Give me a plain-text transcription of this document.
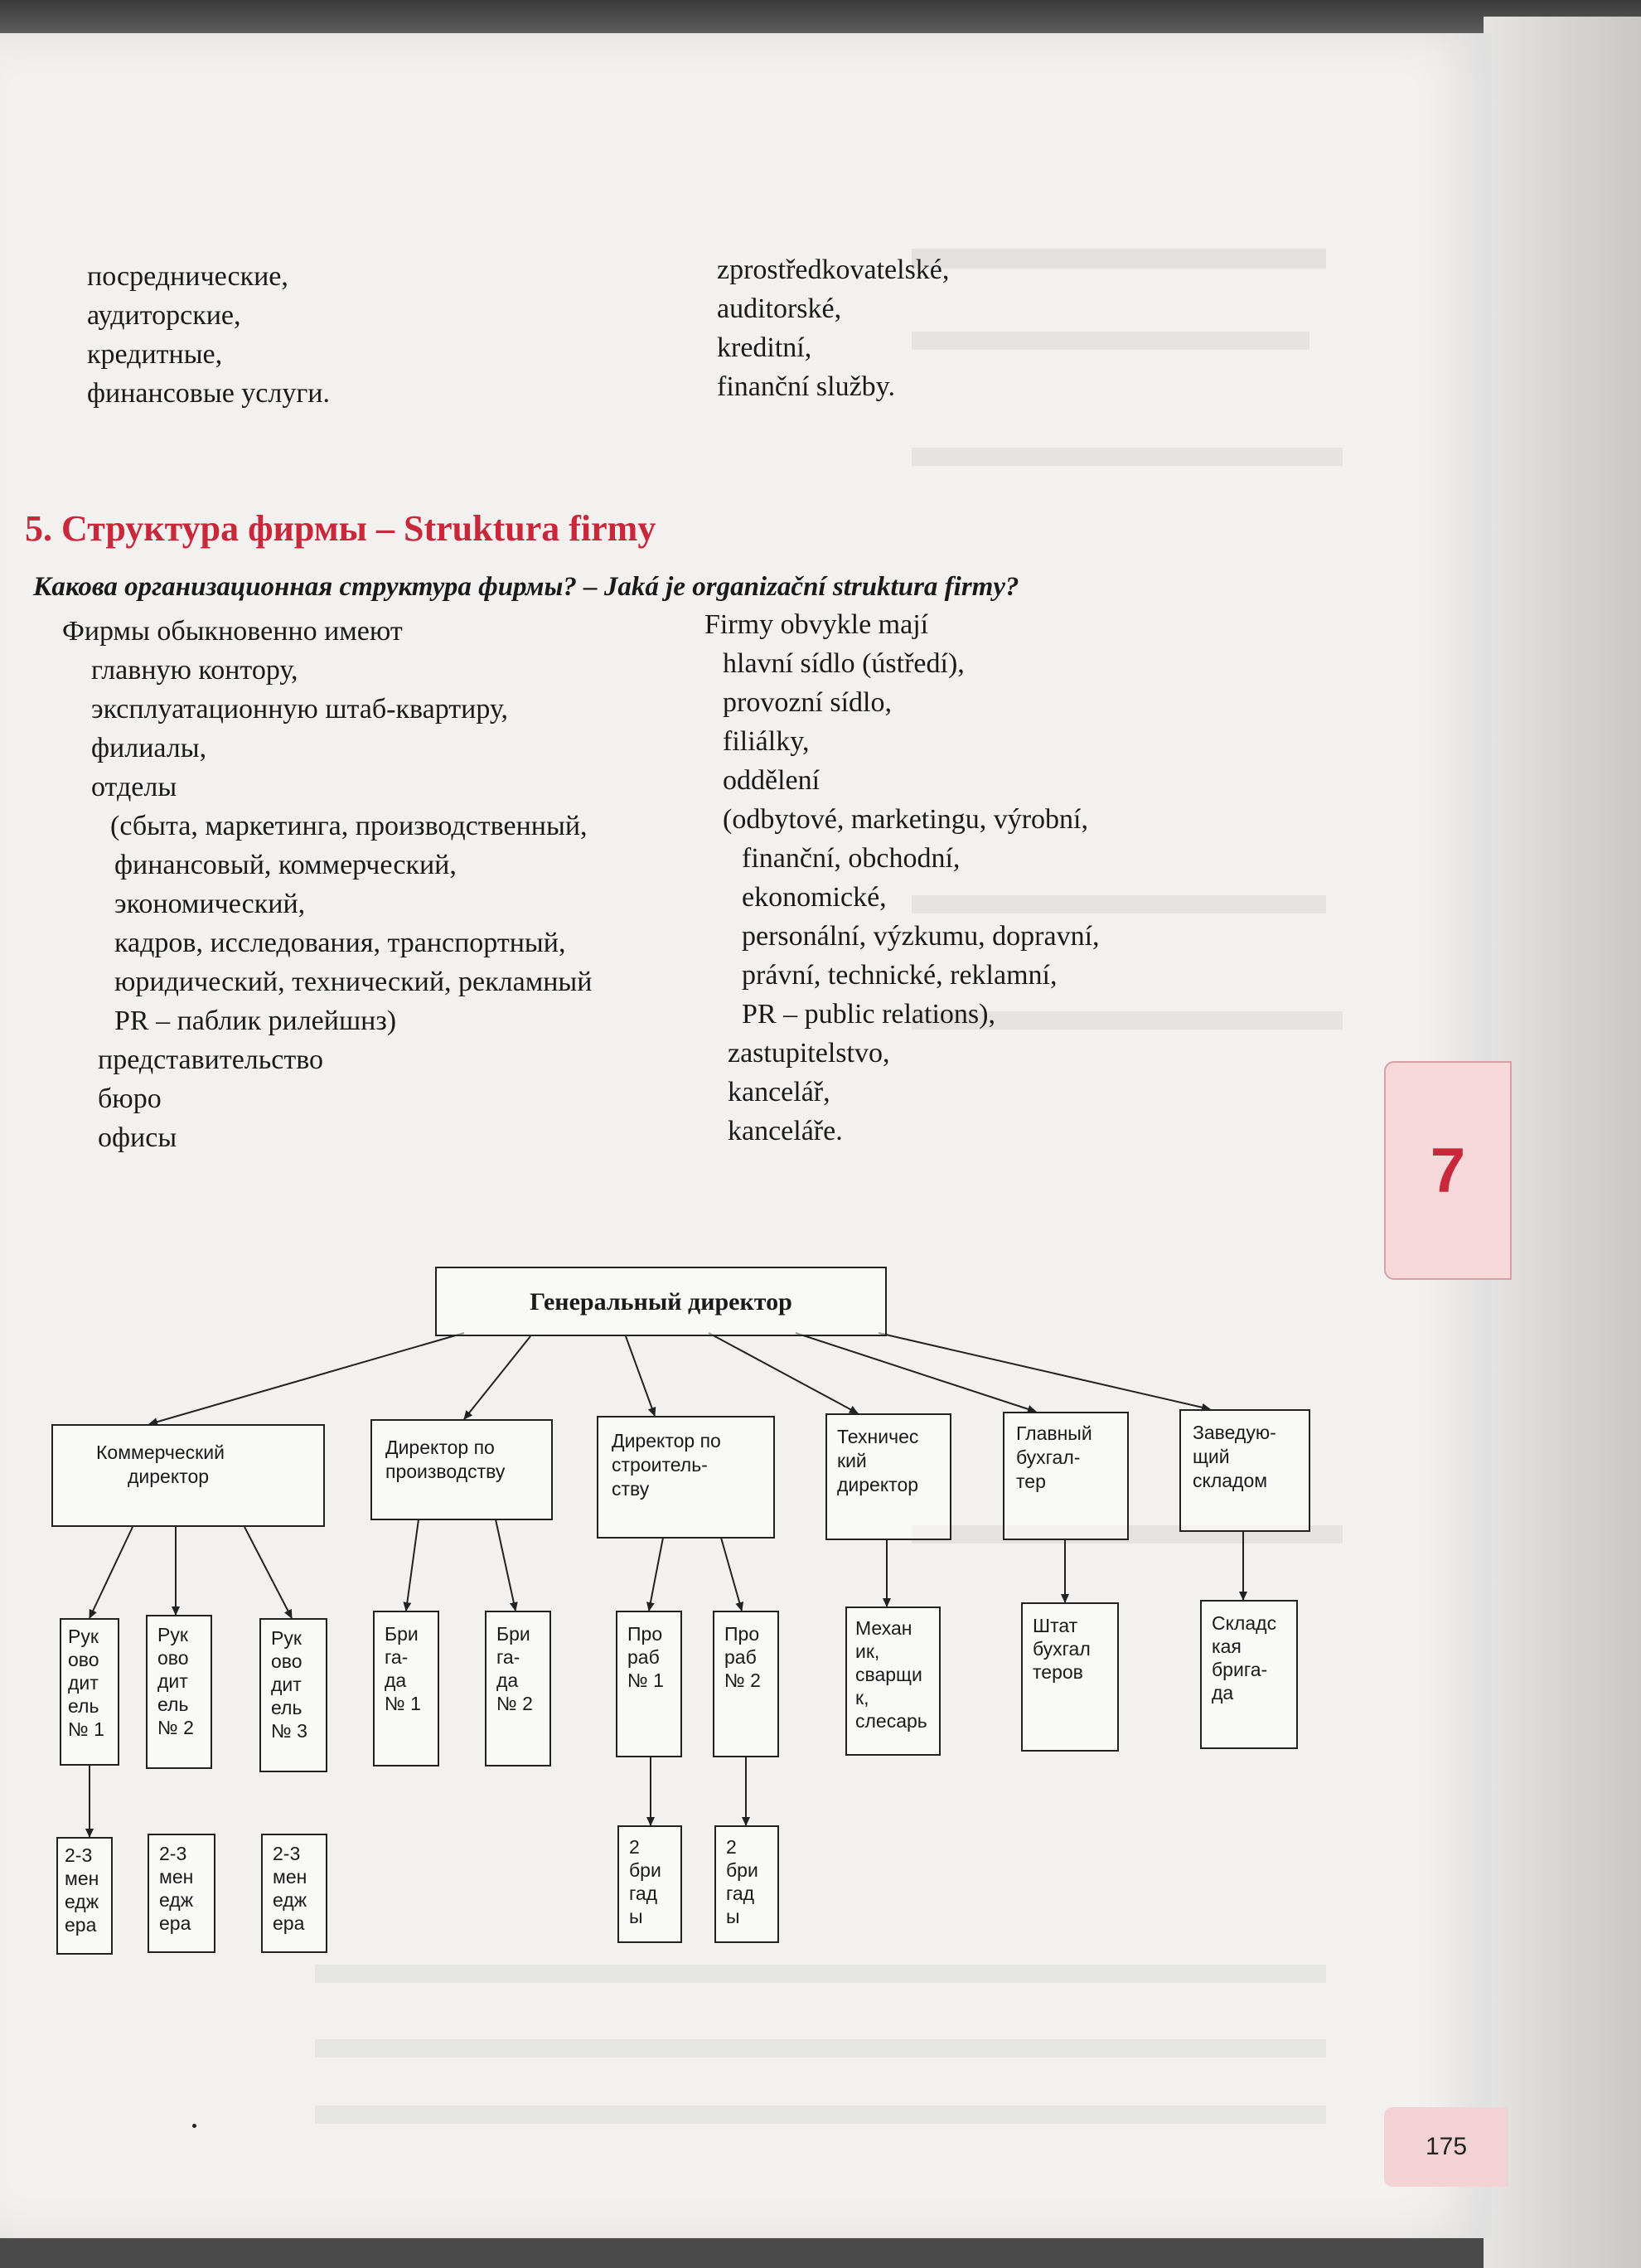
посреднические,
аудиторские,
кредитные,
финансовые услуги.
zprostředkovatelské,
auditorské,
kreditní,
finanční služby.
5. Структура фирмы – Struktura firmy
Какова организационная структура фирмы? – Jaká je organizační struktura firmy?
Фирмы обыкновенно имеют
главную контору,
эксплуатационную штаб-квартиру,
филиалы,
отделы
(сбыта, маркетинга, производственный,
финансовый, коммерческий,
экономический,
кадров, исследования, транспортный,
юридический, технический, рекламный
PR – паблик рилейшнз)
представительство
бюро
офисы
Firmy obvykle mají
hlavní sídlo (ústředí),
provozní sídlo,
filiálky,
oddělení
(odbytové, marketingu, výrobní,
finanční, obchodní,
ekonomické,
personální, výzkumu, dopravní,
právní, technické, reklamní,
PR – public relations),
zastupitelstvo,
kancelář,
kanceláře.
Генеральный директор
Коммерческий
директор
Директор по
производству
Директор по
строитель-
ству
Техничес
кий
директор
Главный
бухгал-
тер
Заведую-
щий
складом
Рук
ово
дит
ель
№ 1
Рук
ово
дит
ель
№ 2
Рук
ово
дит
ель
№ 3
Бри
га-
да
№ 1
Бри
га-
да
№ 2
Про
раб
№ 1
Про
раб
№ 2
Механ
ик,
сварщи
к,
слесарь
Штат
бухгал
теров
Складс
кая
брига-
да
2-3
мен
едж
ера
2-3
мен
едж
ера
2-3
мен
едж
ера
2
бри
гад
ы
2
бри
гад
ы
7
175
